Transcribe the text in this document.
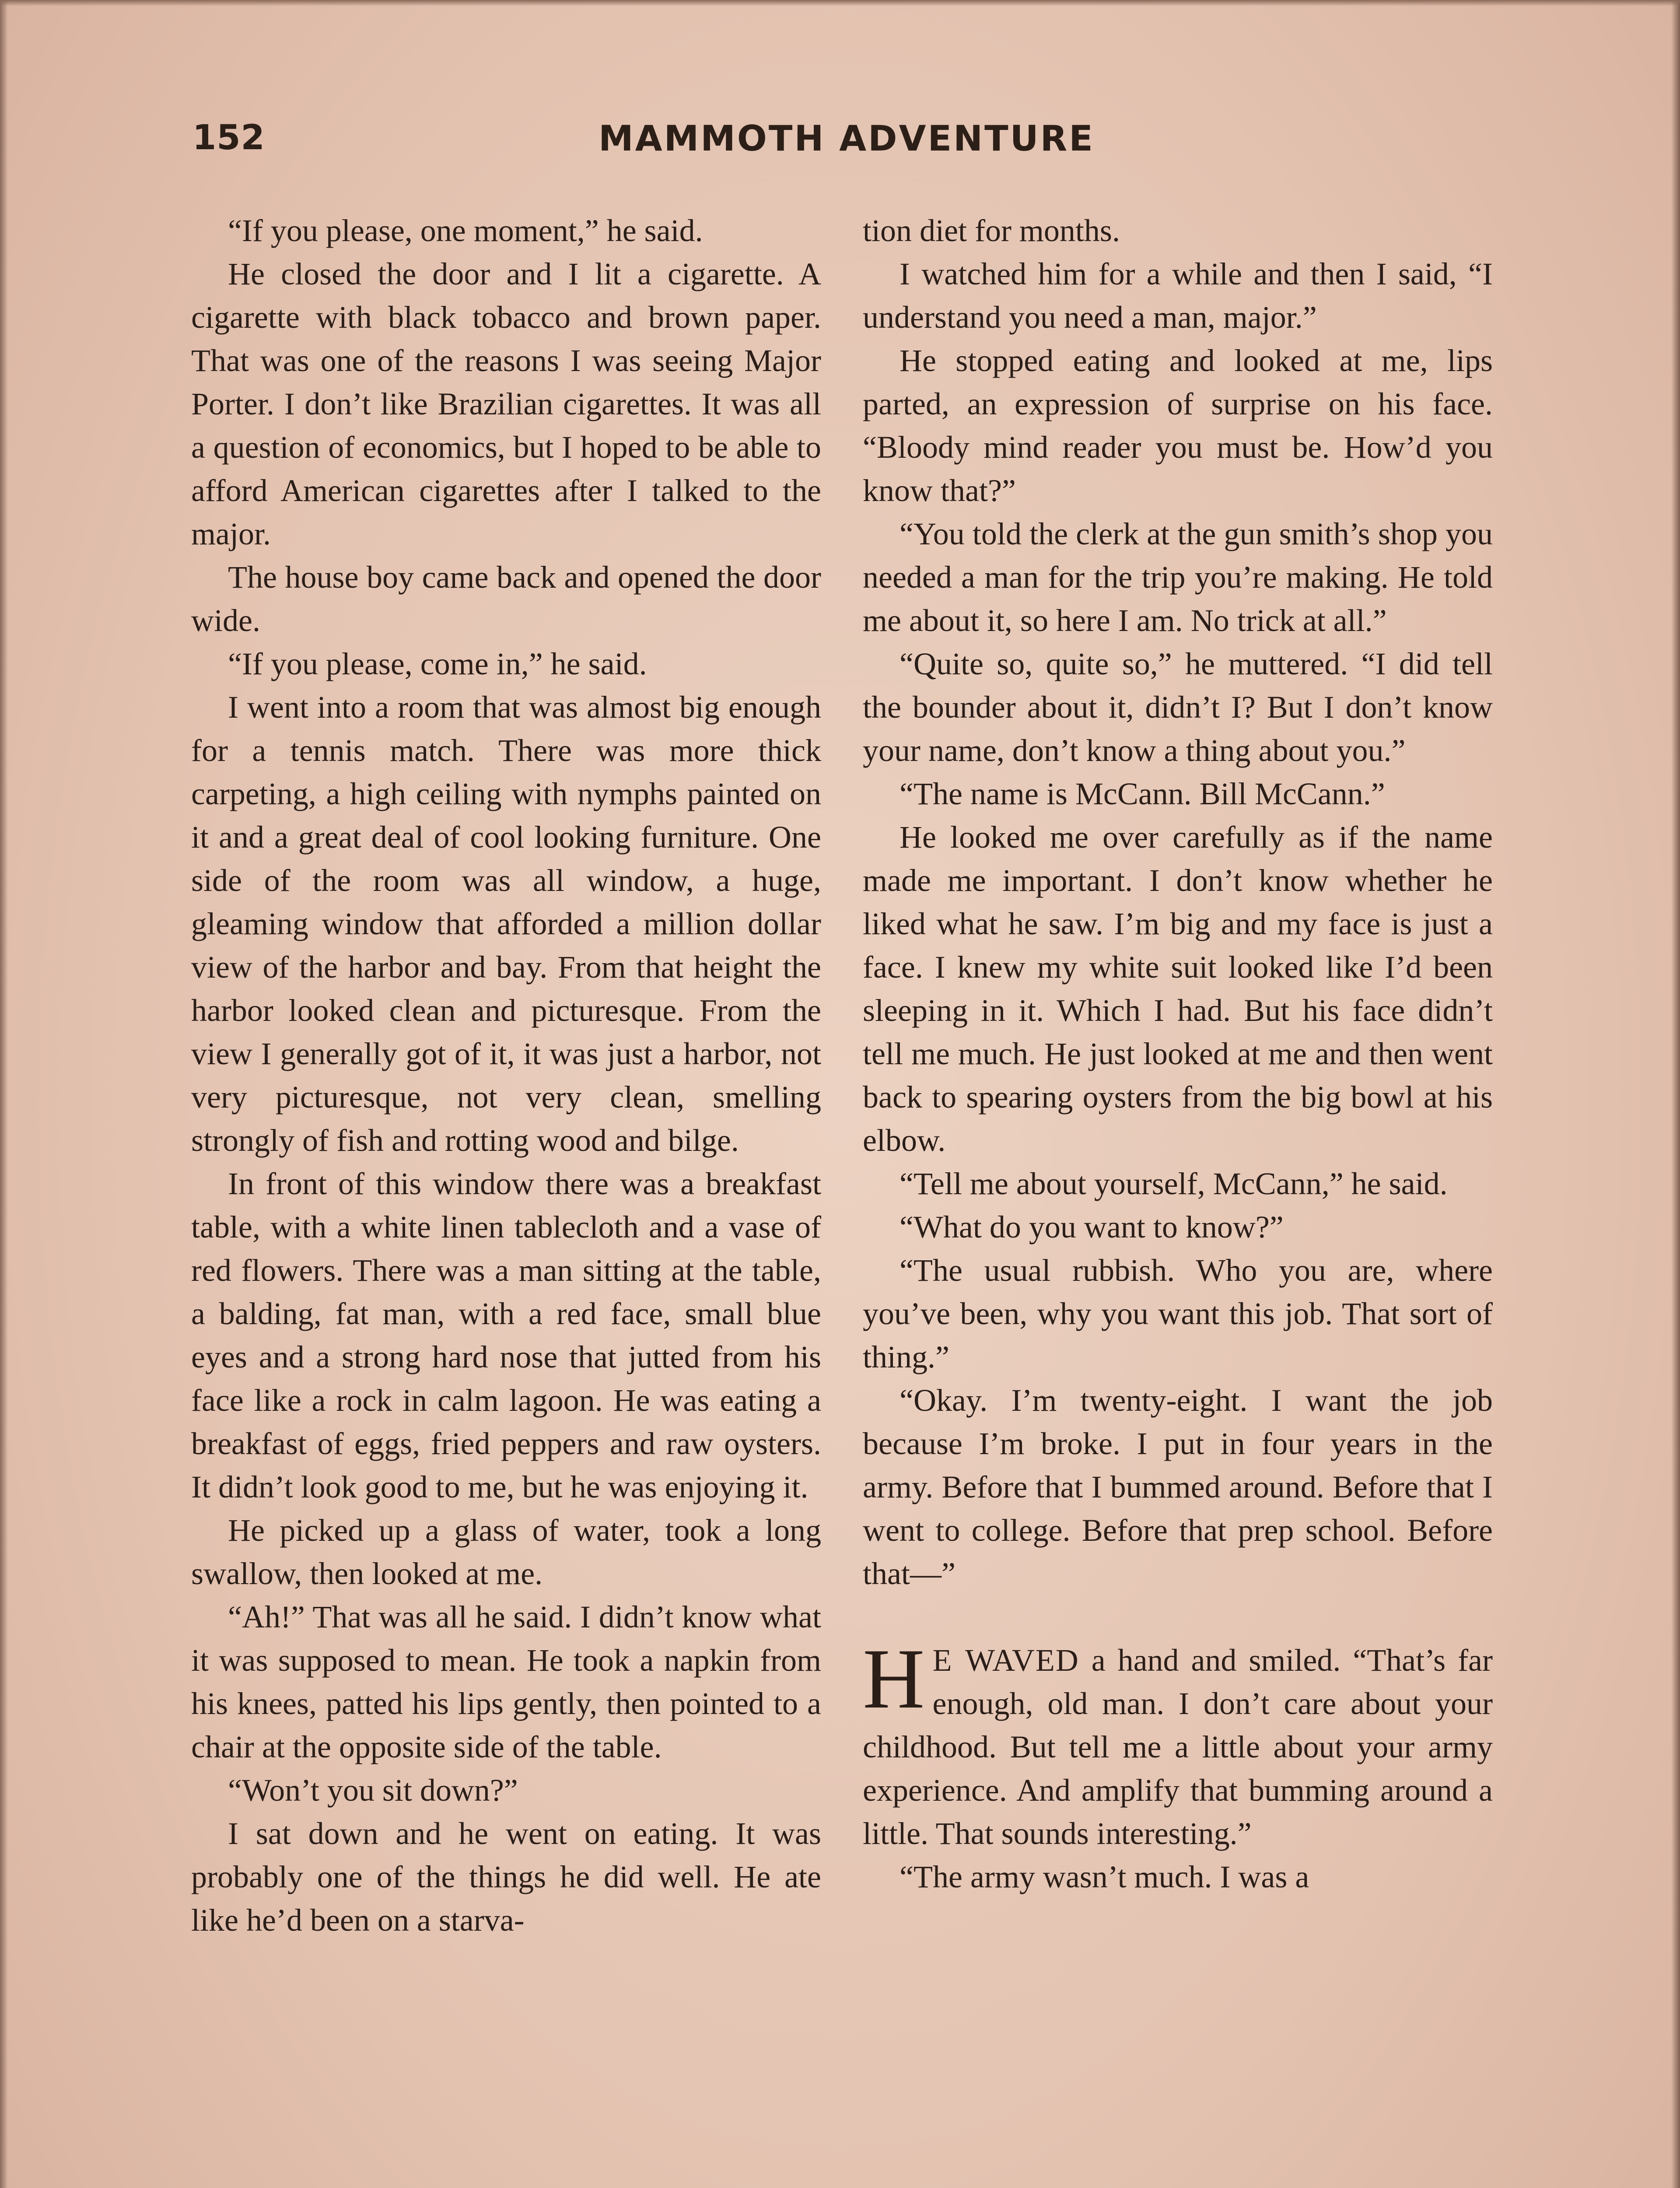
152	MAMMOTH ADVENTURE

“If you please, one moment,” he said.

He closed the door and I lit a cigarette. A cigarette with black tobacco and brown paper. That was one of the reasons I was seeing Major Porter. I don’t like Brazilian cigarettes. It was all a question of economics, but I hoped to be able to afford American cigarettes after I talked to the major.

The house boy came back and opened the door wide.

“If you please, come in,” he said.

I went into a room that was almost big enough for a tennis match. There was more thick carpeting, a high ceiling with nymphs painted on it and a great deal of cool looking furniture. One side of the room was all window, a huge, gleaming window that afforded a million dollar view of the harbor and bay. From that height the harbor looked clean and picturesque. From the view I generally got of it, it was just a harbor, not very picturesque, not very clean, smelling strongly of fish and rotting wood and bilge.

In front of this window there was a breakfast table, with a white linen tablecloth and a vase of red flowers. There was a man sitting at the table, a balding, fat man, with a red face, small blue eyes and a strong hard nose that jutted from his face like a rock in calm lagoon. He was eating a breakfast of eggs, fried peppers and raw oysters. It didn’t look good to me, but he was enjoying it.

He picked up a glass of water, took a long swallow, then looked at me.

“Ah!” That was all he said. I didn’t know what it was supposed to mean. He took a napkin from his knees, patted his lips gently, then pointed to a chair at the opposite side of the table.

“Won’t you sit down?”

I sat down and he went on eating. It was probably one of the things he did well. He ate like he’d been on a starva-

tion diet for months.

I watched him for a while and then I said, “I understand you need a man, major.”

He stopped eating and looked at me, lips parted, an expression of surprise on his face. “Bloody mind reader you must be. How’d you know that?”

“You told the clerk at the gun smith’s shop you needed a man for the trip you’re making. He told me about it, so here I am. No trick at all.”

“Quite so, quite so,” he muttered. “I did tell the bounder about it, didn’t I? But I don’t know your name, don’t know a thing about you.”

“The name is McCann. Bill McCann.”

He looked me over carefully as if the name made me important. I don’t know whether he liked what he saw. I’m big and my face is just a face. I knew my white suit looked like I’d been sleeping in it. Which I had. But his face didn’t tell me much. He just looked at me and then went back to spearing oysters from the big bowl at his elbow.

“Tell me about yourself, McCann,” he said.

“What do you want to know?”

“The usual rubbish. Who you are, where you’ve been, why you want this job. That sort of thing.”

“Okay. I’m twenty-eight. I want the job because I’m broke. I put in four years in the army. Before that I bummed around. Before that I went to college. Before that prep school. Before that—”

H E WAVED a hand and smiled. “That’s far enough, old man. I don’t care about your childhood. But tell me a little about your army experience. And amplify that bumming around a little. That sounds interesting.”

“The army wasn’t much. I was a
